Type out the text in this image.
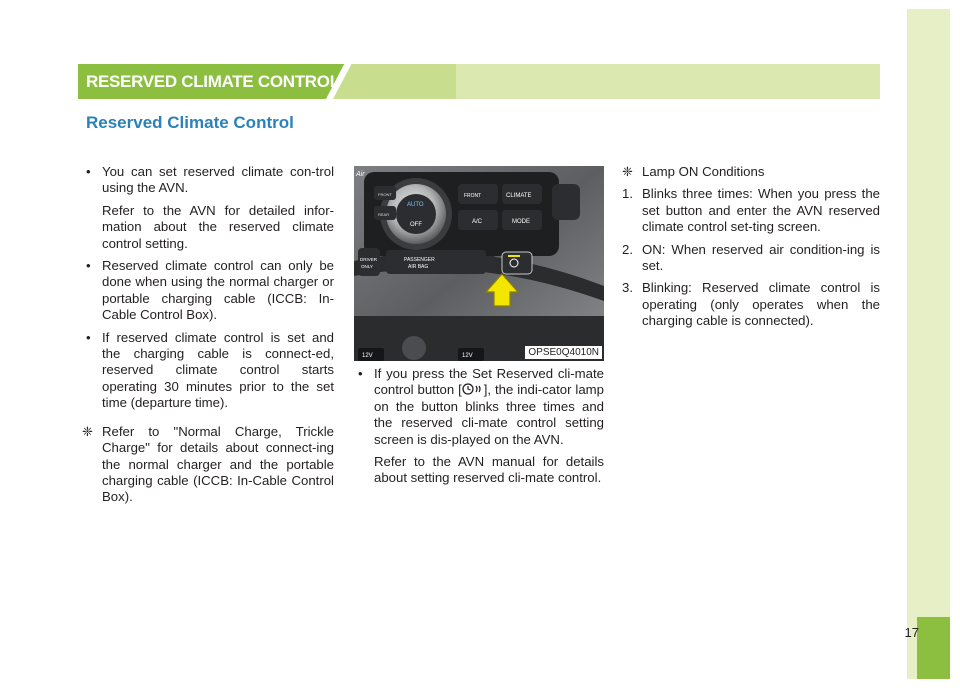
17
RESERVED CLIMATE CONTROL
Reserved Climate Control
• You can set reserved climate con-trol using the AVN.
Refer to the AVN for detailed infor-mation about the reserved climate control setting.
• Reserved climate control can only be done when using the normal charger or portable charging cable (ICCB: In-Cable Control Box).
• If reserved climate control is set and the charging cable is connect-ed, reserved climate control starts operating 30 minutes prior to the set time (departure time).
❈ Refer to "Normal Charge, Trickle Charge" for details about connect-ing the normal charger and the portable charging cable (ICCB: In-Cable Control Box).
Air
AUTO
OFF
FRONT
REAR
FRONT	CLIMATE
A/C	MODE
DRIVER
ONLY
PASSENGER
AIR BAG
12V	12V	OPSE0Q4010N
• If you press the Set Reserved cli-mate control button [ ], the indi-cator lamp on the button blinks three times and the reserved cli-mate control setting screen is dis-played on the AVN.
Refer to the AVN manual for details about setting reserved cli-mate control.
❈ Lamp ON Conditions
1. Blinks three times: When you press the set button and enter the AVN reserved climate control set-ting screen.
2. ON: When reserved air condition-ing is set.
3. Blinking: Reserved climate control is operating (only operates when the charging cable is connected).
